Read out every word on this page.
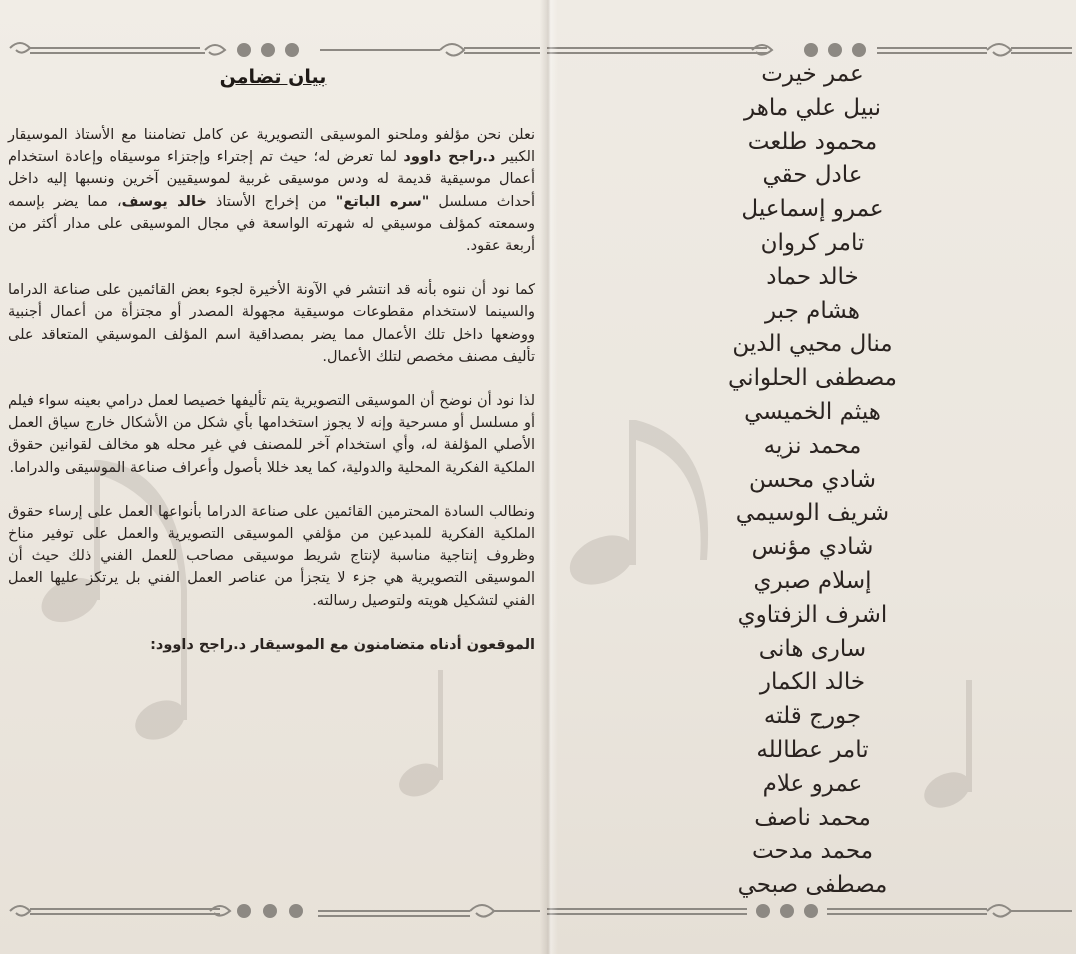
بيان تضامن

نعلن نحن مؤلفو وملحنو الموسيقى التصويرية عن كامل تضامننا مع الأستاذ الموسيقار الكبير د.راجح داوود لما تعرض له؛ حيث تم إجتراء وإجتزاء موسيقاه وإعادة استخدام أعمال موسيقية قديمة له ودس موسيقى غربية لموسيقيين آخرين ونسبها إليه داخل أحداث مسلسل "سره الباتع" من إخراج الأستاذ خالد يوسف، مما يضر بإسمه وسمعته كمؤلف موسيقي له شهرته الواسعة في مجال الموسيقى على مدار أكثر من أربعة عقود.

كما نود أن ننوه بأنه قد انتشر في الآونة الأخيرة لجوء بعض القائمين على صناعة الدراما والسينما لاستخدام مقطوعات موسيقية مجهولة المصدر أو مجتزأة من أعمال أجنبية ووضعها داخل تلك الأعمال مما يضر بمصداقية اسم المؤلف الموسيقي المتعاقد على تأليف مصنف مخصص لتلك الأعمال.

لذا نود أن نوضح أن الموسيقى التصويرية يتم تأليفها خصيصا لعمل درامي بعينه سواء فيلم أو مسلسل أو مسرحية وإنه لا يجوز استخدامها بأي شكل من الأشكال خارج سياق العمل الأصلي المؤلفة له، وأي استخدام آخر للمصنف في غير محله هو مخالف لقوانين حقوق الملكية الفكرية المحلية والدولية، كما يعد خللا بأصول وأعراف صناعة الموسيقى والدراما.

ونطالب السادة المحترمين القائمين على صناعة الدراما بأنواعها العمل على إرساء حقوق الملكية الفكرية للمبدعين من مؤلفي الموسيقى التصويرية والعمل على توفير مناخ وظروف إنتاجية مناسبة لإنتاج شريط موسيقى مصاحب للعمل الفني ذلك حيث أن الموسيقى التصويرية هي جزء لا يتجزأ من عناصر العمل الفني بل يرتكز عليها العمل الفني لتشكيل هويته ولتوصيل رسالته.

الموقعون أدناه متضامنون مع الموسيقار د.راجح داوود:

عمر خيرت
نبيل علي ماهر
محمود طلعت
عادل حقي
عمرو إسماعيل
تامر كروان
خالد حماد
هشام جبر
منال محيي الدين
مصطفى الحلواني
هيثم الخميسي
محمد نزيه
شادي محسن
شريف الوسيمي
شادي مؤنس
إسلام صبري
اشرف الزفتاوي
سارى هانى
خالد الكمار
جورج قلته
تامر عطالله
عمرو علام
محمد ناصف
محمد مدحت
مصطفى صبحي
